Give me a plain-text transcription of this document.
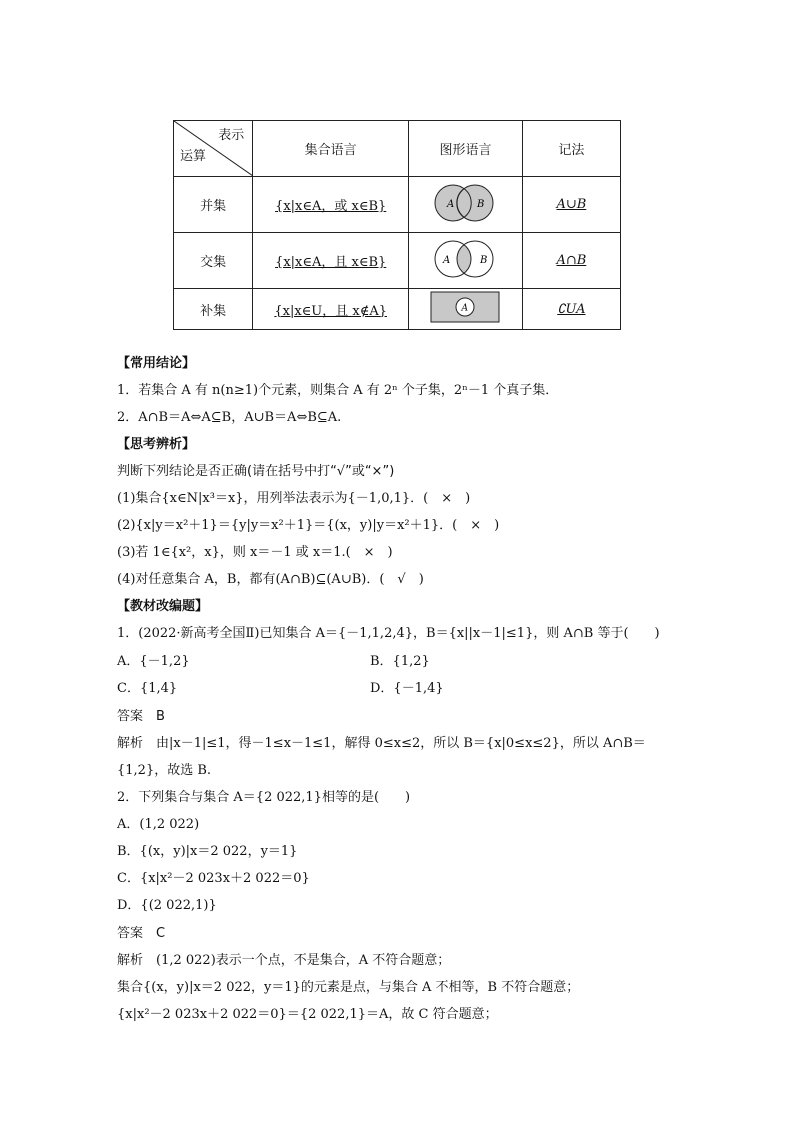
表示
运算	集合语言	图形语言	记法
并集	{x|x∈A，或 x∈B}	A B	A∪B
交集	{x|x∈A，且 x∈B}	A B	A∩B
补集	{x|x∈U，且 x∉A}	A	∁UA
【常用结论】
1．若集合 A 有 n(n≥1)个元素，则集合 A 有 2ⁿ 个子集，2ⁿ－1 个真子集．
2．A∩B＝A⇔A⊆B，A∪B＝A⇔B⊆A.
【思考辨析】
判断下列结论是否正确(请在括号中打“√”或“×”)
(1)集合{x∈N|x³＝x}，用列举法表示为{－1,0,1}．(　×　)
(2){x|y＝x²＋1}＝{y|y＝x²＋1}＝{(x，y)|y＝x²＋1}．(　×　)
(3)若 1∈{x²，x}，则 x＝－1 或 x＝1.(　×　)
(4)对任意集合 A，B，都有(A∩B)⊆(A∪B)．(　√　)
【教材改编题】
1．(2022·新高考全国Ⅱ)已知集合 A＝{－1,1,2,4}，B＝{x||x－1|≤1}，则 A∩B 等于(　　)
A．{－1,2}	B．{1,2}
C．{1,4}	D．{－1,4}
答案　B
解析　由|x－1|≤1，得－1≤x－1≤1，解得 0≤x≤2，所以 B＝{x|0≤x≤2}，所以 A∩B＝
{1,2}，故选 B.
2．下列集合与集合 A＝{2 022,1}相等的是(　　)
A．(1,2 022)
B．{(x，y)|x＝2 022，y＝1}
C．{x|x²－2 023x＋2 022＝0}
D．{(2 022,1)}
答案　C
解析　(1,2 022)表示一个点，不是集合，A 不符合题意；
集合{(x，y)|x＝2 022，y＝1}的元素是点，与集合 A 不相等，B 不符合题意；
{x|x²－2 023x＋2 022＝0}＝{2 022,1}＝A，故 C 符合题意；
